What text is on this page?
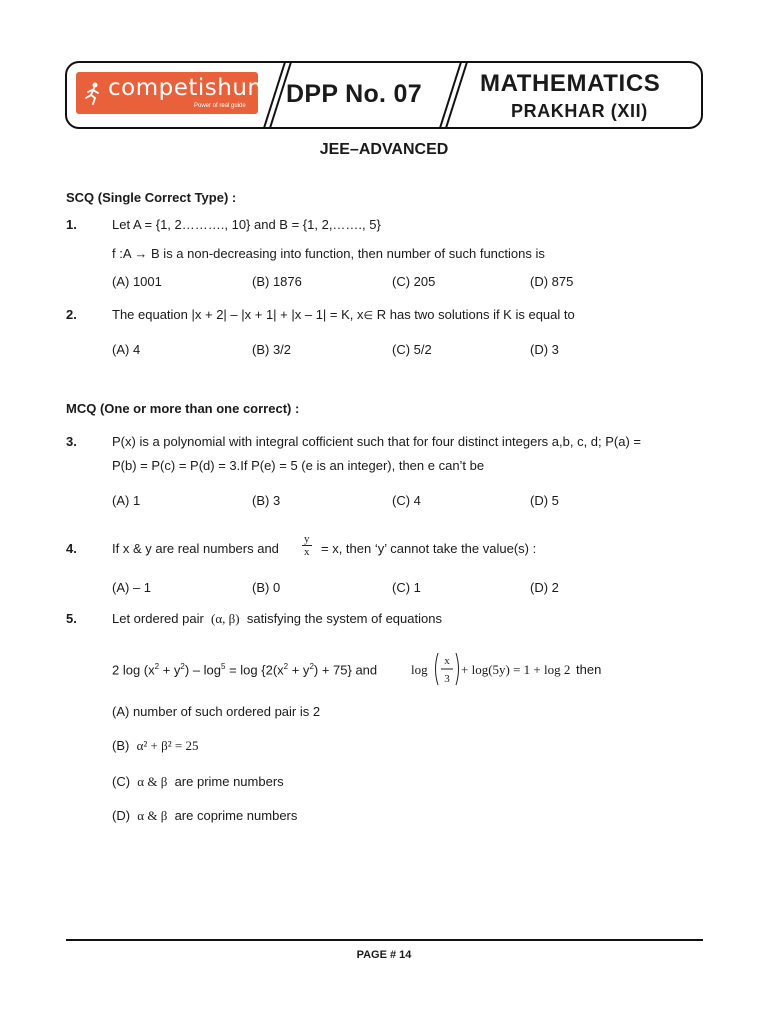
competishun
Power of real guide DPP No. 07 MATHEMATICS
PRAKHAR (XII)
JEE–ADVANCED
SCQ (Single Correct Type) :
1.	Let A = {1, 2………., 10} and B = {1, 2,……., 5}
f :A → B is a non-decreasing into function, then number of such functions is
(A) 1001	(B) 1876	(C) 205	(D) 875
2.	The equation |x + 2| – |x + 1| + |x – 1| = K, x∈ R has two solutions if K is equal to
(A) 4	(B) 3/2	(C) 5/2	(D) 3
MCQ (One or more than one correct) :
3.	P(x) is a polynomial with integral cofficient such that for four distinct integers a,b, c, d; P(a) =
P(b) = P(c) = P(d) = 3.If P(e) = 5 (e is an integer), then e can’t be
(A) 1	(B) 3	(C) 4	(D) 5
4.	If x & y are real numbers and $\frac{y}{x} = x$, then ‘y’ cannot take the value(s) :
(A) – 1	(B) 0	(C) 1	(D) 2
5.	Let ordered pair (α, β) satisfying the system of equations
2 $\log (x^2 + y^2) - \log^5 = \log \{2(x^2 + y^2) + 75\}$ and	log
x
3
+ log(5y) = 1 + log 2 then
(A) number of such ordered pair is 2
(B) α² + β² = 25
(C) α & β are prime numbers
(D) α & β are coprime numbers
PAGE # 14
